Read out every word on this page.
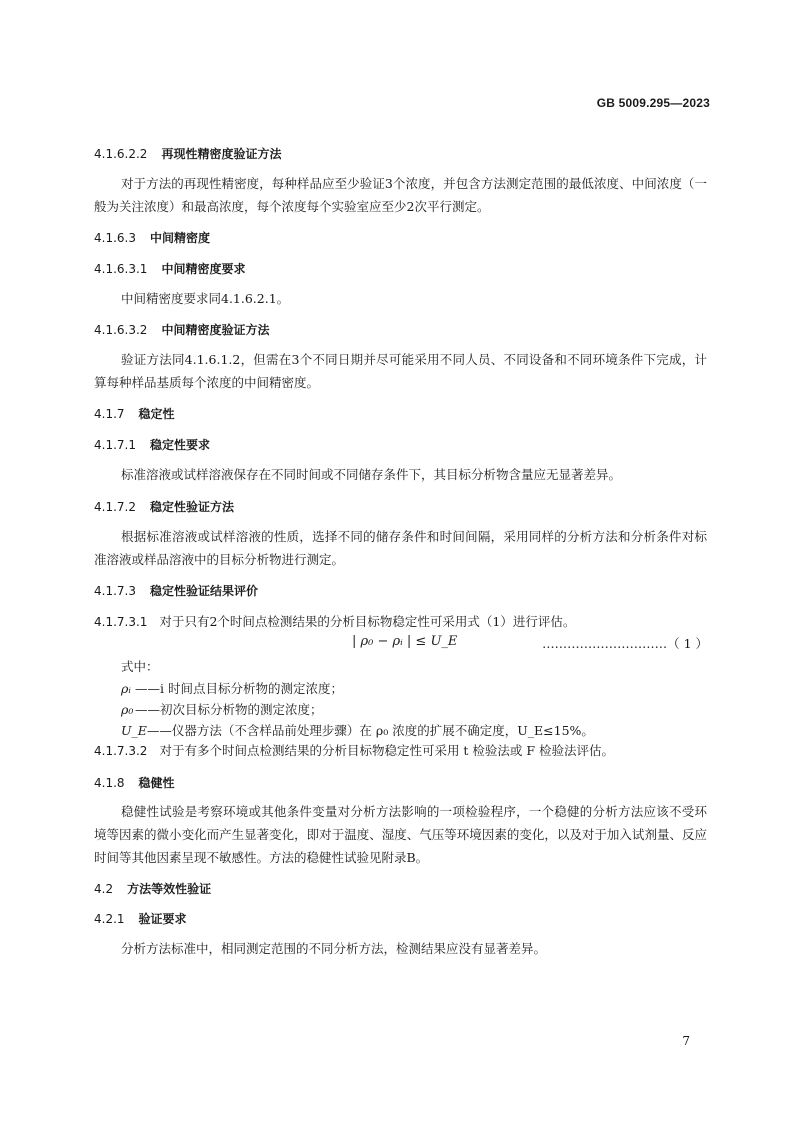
GB 5009.295—2023
4.1.6.2.2 再现性精密度验证方法
对于方法的再现性精密度，每种样品应至少验证3个浓度，并包含方法测定范围的最低浓度、中间浓度（一般为关注浓度）和最高浓度，每个浓度每个实验室应至少2次平行测定。
4.1.6.3 中间精密度
4.1.6.3.1 中间精密度要求
中间精密度要求同4.1.6.2.1。
4.1.6.3.2 中间精密度验证方法
验证方法同4.1.6.1.2，但需在3个不同日期并尽可能采用不同人员、不同设备和不同环境条件下完成，计算每种样品基质每个浓度的中间精密度。
4.1.7 稳定性
4.1.7.1 稳定性要求
标准溶液或试样溶液保存在不同时间或不同储存条件下，其目标分析物含量应无显著差异。
4.1.7.2 稳定性验证方法
根据标准溶液或试样溶液的性质，选择不同的储存条件和时间间隔，采用同样的分析方法和分析条件对标准溶液或样品溶液中的目标分析物进行测定。
4.1.7.3 稳定性验证结果评价
4.1.7.3.1 对于只有2个时间点检测结果的分析目标物稳定性可采用式（1）进行评估。
| ρ₀ − ρᵢ | ≤ U_E	…………………………（ 1 ）
式中：
ρᵢ ——i 时间点目标分析物的测定浓度；
ρ₀ ——初次目标分析物的测定浓度；
U_E——仪器方法（不含样品前处理步骤）在 ρ₀ 浓度的扩展不确定度，U_E≤15%。
4.1.7.3.2 对于有多个时间点检测结果的分析目标物稳定性可采用 t 检验法或 F 检验法评估。
4.1.8 稳健性
稳健性试验是考察环境或其他条件变量对分析方法影响的一项检验程序，一个稳健的分析方法应该不受环境等因素的微小变化而产生显著变化，即对于温度、湿度、气压等环境因素的变化，以及对于加入试剂量、反应时间等其他因素呈现不敏感性。方法的稳健性试验见附录B。
4.2 方法等效性验证
4.2.1 验证要求
分析方法标准中，相同测定范围的不同分析方法，检测结果应没有显著差异。
7
